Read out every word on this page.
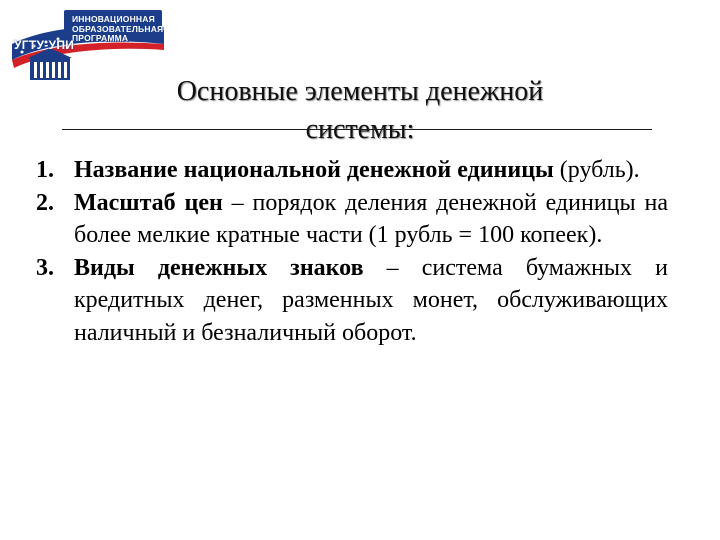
ИННОВАЦИОННАЯ
ОБРАЗОВАТЕЛЬНАЯ
ПРОГРАММА
УГТУ-УПИ
Основные элементы денежной
системы:
1. Название национальной денежной единицы (рубль).
2. Масштаб цен – порядок деления денежной единицы на более мелкие кратные части (1 рубль = 100 копеек).
3. Виды денежных знаков – система бумажных и кредитных денег, разменных монет, обслуживающих наличный и безналичный оборот.
